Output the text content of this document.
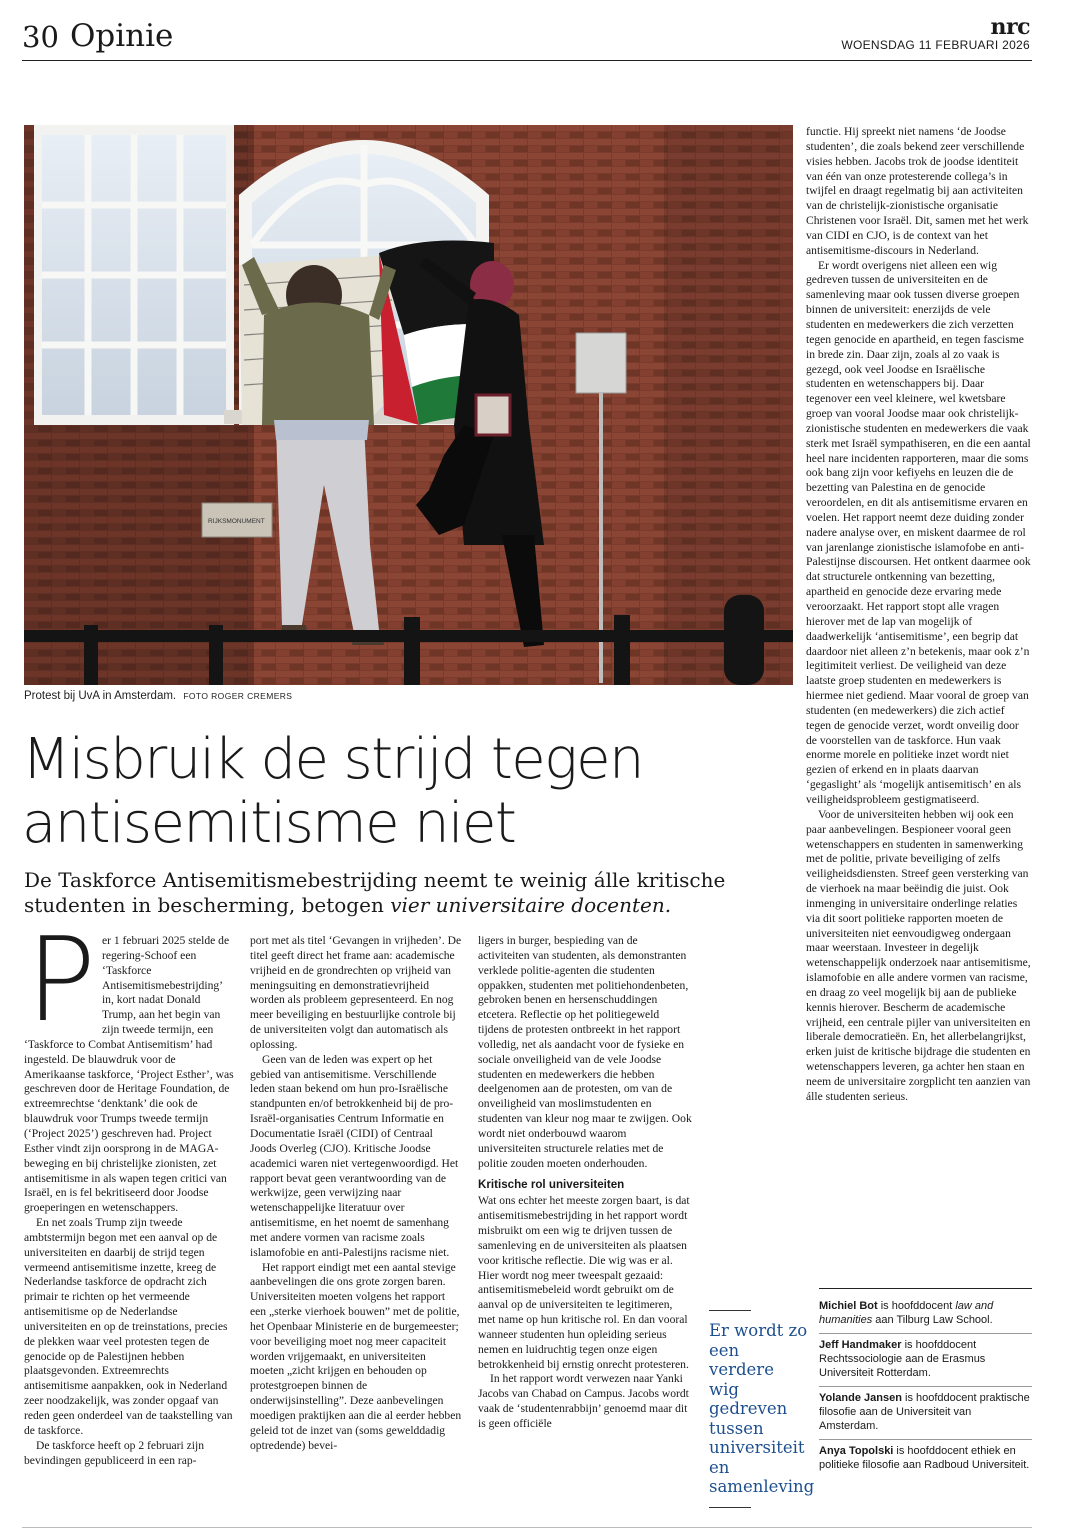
30 Opinie	nrc
WOENSDAG 11 FEBRUARI 2026
RIJKSMONUMENT
Protest bij UvA in Amsterdam. FOTO ROGER CREMERS
Misbruik de strijd tegen
antisemitisme niet

De Taskforce Antisemitismebestrijding neemt te weinig álle kritische studenten in bescherming, betogen vier universitaire docenten.

P er 1 februari 2025 stelde de regering-Schoof een ‘Taskforce Antisemitismebestrijding’ in, kort nadat Donald Trump, aan het begin van zijn tweede termijn, een ‘Taskforce to Combat Antisemitism’ had ingesteld. De blauwdruk voor de Amerikaanse taskforce, ‘Project Esther’, was geschreven door de Heritage Foundation, de extreemrechtse ‘denktank’ die ook de blauwdruk voor Trumps tweede termijn (‘Project 2025’) geschreven had. Project Esther vindt zijn oorsprong in de MAGA-beweging en bij christelijke zionisten, zet antisemitisme in als wapen tegen critici van Israël, en is fel bekritiseerd door Joodse groeperingen en wetenschappers.

En net zoals Trump zijn tweede ambtstermijn begon met een aanval op de universiteiten en daarbij de strijd tegen vermeend antisemitisme inzette, kreeg de Nederlandse taskforce de opdracht zich primair te richten op het vermeende antisemitisme op de Nederlandse universiteiten en op de treinstations, precies de plekken waar veel protesten tegen de genocide op de Palestijnen hebben plaatsgevonden. Extreemrechts antisemitisme aanpakken, ook in Nederland zeer noodzakelijk, was zonder opgaaf van reden geen onderdeel van de taakstelling van de taskforce.

De taskforce heeft op 2 februari zijn bevindingen gepubliceerd in een rap-

port met als titel ‘Gevangen in vrijheden’. De titel geeft direct het frame aan: academische vrijheid en de grondrechten op vrijheid van meningsuiting en demonstratievrijheid worden als probleem gepresenteerd. En nog meer beveiliging en bestuurlijke controle bij de universiteiten volgt dan automatisch als oplossing.

Geen van de leden was expert op het gebied van antisemitisme. Verschillende leden staan bekend om hun pro-Israëlische standpunten en/of betrokkenheid bij de pro-Israël-organisaties Centrum Informatie en Documentatie Israël (CIDI) of Centraal Joods Overleg (CJO). Kritische Joodse academici waren niet vertegenwoordigd. Het rapport bevat geen verantwoording van de werkwijze, geen verwijzing naar wetenschappelijke literatuur over antisemitisme, en het noemt de samenhang met andere vormen van racisme zoals islamofobie en anti-Palestijns racisme niet.

Het rapport eindigt met een aantal stevige aanbevelingen die ons grote zorgen baren. Universiteiten moeten volgens het rapport een „sterke vierhoek bouwen” met de politie, het Openbaar Ministerie en de burgemeester; voor beveiliging moet nog meer capaciteit worden vrijgemaakt, en universiteiten moeten „zicht krijgen en behouden op protestgroepen binnen de onderwijsinstelling”. Deze aanbevelingen moedigen praktijken aan die al eerder hebben geleid tot de inzet van (soms gewelddadig optredende) bevei-

ligers in burger, bespieding van de activiteiten van studenten, als demonstranten verklede politie-agenten die studenten oppakken, studenten met politiehondenbeten, gebroken benen en hersenschuddingen etcetera. Reflectie op het politiegeweld tijdens de protesten ontbreekt in het rapport volledig, net als aandacht voor de fysieke en sociale onveiligheid van de vele Joodse studenten en medewerkers die hebben deelgenomen aan de protesten, om van de onveiligheid van moslimstudenten en studenten van kleur nog maar te zwijgen. Ook wordt niet onderbouwd waarom universiteiten structurele relaties met de politie zouden moeten onderhouden.

Kritische rol universiteiten

Wat ons echter het meeste zorgen baart, is dat antisemitismebestrijding in het rapport wordt misbruikt om een wig te drijven tussen de samenleving en de universiteiten als plaatsen voor kritische reflectie. Die wig was er al. Hier wordt nog meer tweespalt gezaaid: antisemitismebeleid wordt gebruikt om de aanval op de universiteiten te legitimeren, met name op hun kritische rol. En dan vooral wanneer studenten hun opleiding serieus nemen en luidruchtig tegen onze eigen betrokkenheid bij ernstig onrecht protesteren.

In het rapport wordt verwezen naar Yanki Jacobs van Chabad on Campus. Jacobs wordt vaak de ‘studentenrabbijn’ genoemd maar dit is geen officiële

Er wordt zo een verdere wig gedreven tussen universiteit en samenleving

functie. Hij spreekt niet namens ‘de Joodse studenten’, die zoals bekend zeer verschillende visies hebben. Jacobs trok de joodse identiteit van één van onze protesterende collega’s in twijfel en draagt regelmatig bij aan activiteiten van de christelijk-zionistische organisatie Christenen voor Israël. Dit, samen met het werk van CIDI en CJO, is de context van het antisemitisme-discours in Nederland.

Er wordt overigens niet alleen een wig gedreven tussen de universiteiten en de samenleving maar ook tussen diverse groepen binnen de universiteit: enerzijds de vele studenten en medewerkers die zich verzetten tegen genocide en apartheid, en tegen fascisme in brede zin. Daar zijn, zoals al zo vaak is gezegd, ook veel Joodse en Israëlische studenten en wetenschappers bij. Daar tegenover een veel kleinere, wel kwetsbare groep van vooral Joodse maar ook christelijk-zionistische studenten en medewerkers die vaak sterk met Israël sympathiseren, en die een aantal heel nare incidenten rapporteren, maar die soms ook bang zijn voor kefiyehs en leuzen die de bezetting van Palestina en de genocide veroordelen, en dit als antisemitisme ervaren en voelen. Het rapport neemt deze duiding zonder nadere analyse over, en miskent daarmee de rol van jarenlange zionistische islamofobe en anti-Palestijnse discoursen. Het ontkent daarmee ook dat structurele ontkenning van bezetting, apartheid en genocide deze ervaring mede veroorzaakt. Het rapport stopt alle vragen hierover met de lap van mogelijk of daadwerkelijk ‘antisemitisme’, een begrip dat daardoor niet alleen z’n betekenis, maar ook z’n legitimiteit verliest. De veiligheid van deze laatste groep studenten en medewerkers is hiermee niet gediend. Maar vooral de groep van studenten (en medewerkers) die zich actief tegen de genocide verzet, wordt onveilig door de voorstellen van de taskforce. Hun vaak enorme morele en politieke inzet wordt niet gezien of erkend en in plaats daarvan ‘gegaslight’ als ‘mogelijk antisemitisch’ en als veiligheidsprobleem gestigmatiseerd.

Voor de universiteiten hebben wij ook een paar aanbevelingen. Bespioneer vooral geen wetenschappers en studenten in samenwerking met de politie, private beveiliging of zelfs veiligheidsdiensten. Streef geen versterking van de vierhoek na maar beëindig die juist. Ook inmenging in universitaire onderlinge relaties via dit soort politieke rapporten moeten de universiteiten niet eenvoudigweg ondergaan maar weerstaan. Investeer in degelijk wetenschappelijk onderzoek naar antisemitisme, islamofobie en alle andere vormen van racisme, en draag zo veel mogelijk bij aan de publieke kennis hierover. Bescherm de academische vrijheid, een centrale pijler van universiteiten en liberale democratieën. En, het allerbelangrijkst, erken juist de kritische bijdrage die studenten en wetenschappers leveren, ga achter hen staan en neem de universitaire zorgplicht ten aanzien van álle studenten serieus.

Michiel Bot is hoofddocent law and humanities aan Tilburg Law School.
Jeff Handmaker is hoofddocent Rechtssociologie aan de Erasmus Universiteit Rotterdam.
Yolande Jansen is hoofddocent praktische filosofie aan de Universiteit van Amsterdam.
Anya Topolski is hoofddocent ethiek en politieke filosofie aan Radboud Universiteit.
